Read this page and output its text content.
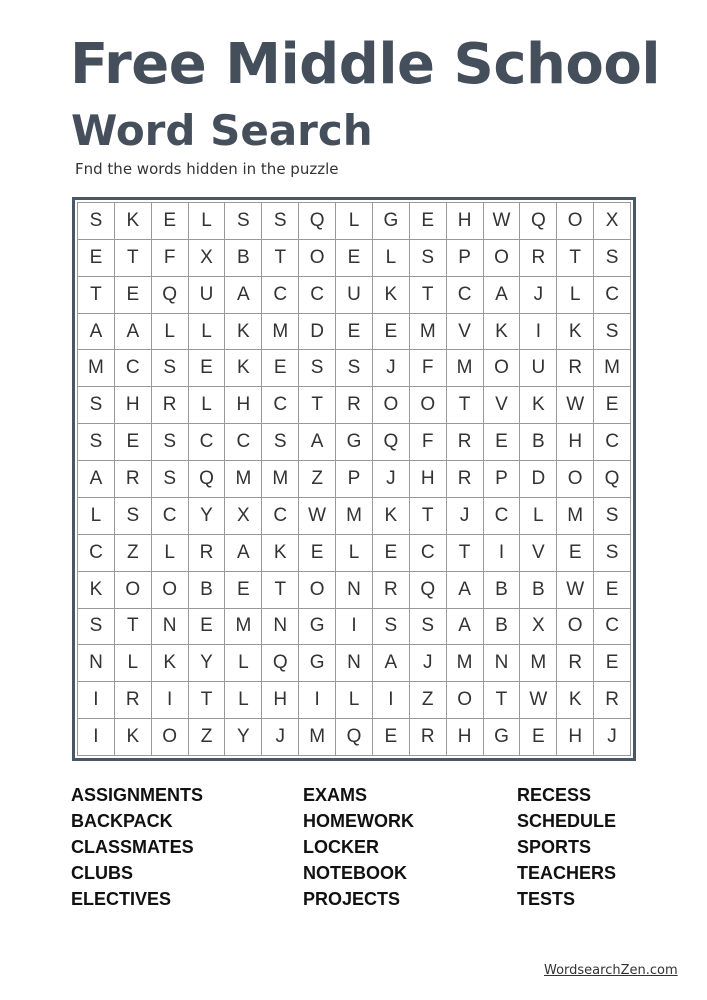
Free Middle School
Word Search
Fnd the words hidden in the puzzle
S	K	E	L	S	S	Q	L	G	E	H	W	Q	O	X
E	T	F	X	B	T	O	E	L	S	P	O	R	T	S
T	E	Q	U	A	C	C	U	K	T	C	A	J	L	C
A	A	L	L	K	M	D	E	E	M	V	K	I	K	S
M	C	S	E	K	E	S	S	J	F	M	O	U	R	M
S	H	R	L	H	C	T	R	O	O	T	V	K	W	E
S	E	S	C	C	S	A	G	Q	F	R	E	B	H	C
A	R	S	Q	M	M	Z	P	J	H	R	P	D	O	Q
L	S	C	Y	X	C	W	M	K	T	J	C	L	M	S
C	Z	L	R	A	K	E	L	E	C	T	I	V	E	S
K	O	O	B	E	T	O	N	R	Q	A	B	B	W	E
S	T	N	E	M	N	G	I	S	S	A	B	X	O	C
N	L	K	Y	L	Q	G	N	A	J	M	N	M	R	E
I	R	I	T	L	H	I	L	I	Z	O	T	W	K	R
I	K	O	Z	Y	J	M	Q	E	R	H	G	E	H	J
ASSIGNMENTS
BACKPACK
CLASSMATES
CLUBS
ELECTIVES
EXAMS
HOMEWORK
LOCKER
NOTEBOOK
PROJECTS
RECESS
SCHEDULE
SPORTS
TEACHERS
TESTS
WordsearchZen.com
